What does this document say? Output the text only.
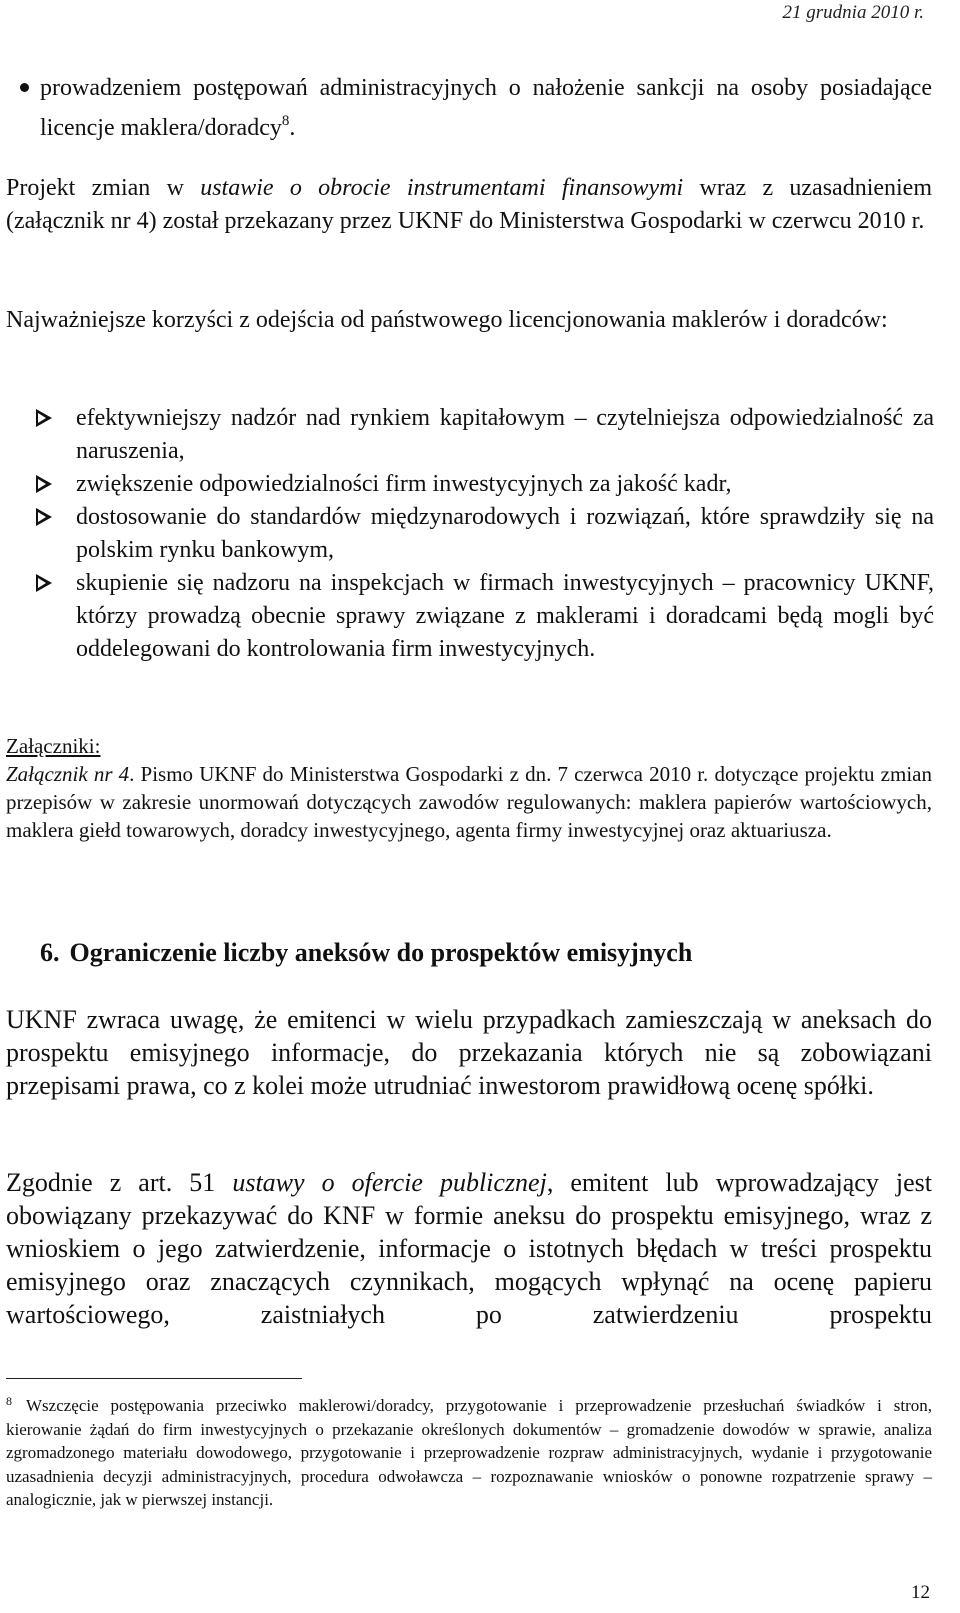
21 grudnia 2010 r.
prowadzeniem postępowań administracyjnych o nałożenie sankcji na osoby posiadające licencje maklera/doradcy$^8$.
Projekt zmian w ustawie o obrocie instrumentami finansowymi wraz z uzasadnieniem (załącznik nr 4) został przekazany przez UKNF do Ministerstwa Gospodarki w czerwcu 2010 r.
Najważniejsze korzyści z odejścia od państwowego licencjonowania maklerów i doradców:
efektywniejszy nadzór nad rynkiem kapitałowym – czytelniejsza odpowiedzialność za naruszenia,
zwiększenie odpowiedzialności firm inwestycyjnych za jakość kadr,
dostosowanie do standardów międzynarodowych i rozwiązań, które sprawdziły się na polskim rynku bankowym,
skupienie się nadzoru na inspekcjach w firmach inwestycyjnych – pracownicy UKNF, którzy prowadzą obecnie sprawy związane z maklerami i doradcami będą mogli być oddelegowani do kontrolowania firm inwestycyjnych.
Załączniki:
Załącznik nr 4. Pismo UKNF do Ministerstwa Gospodarki z dn. 7 czerwca 2010 r. dotyczące projektu zmian przepisów w zakresie unormowań dotyczących zawodów regulowanych: maklera papierów wartościowych, maklera giełd towarowych, doradcy inwestycyjnego, agenta firmy inwestycyjnej oraz aktuariusza.
6. Ograniczenie liczby aneksów do prospektów emisyjnych
UKNF zwraca uwagę, że emitenci w wielu przypadkach zamieszczają w aneksach do prospektu emisyjnego informacje, do przekazania których nie są zobowiązani przepisami prawa, co z kolei może utrudniać inwestorom prawidłową ocenę spółki.
Zgodnie z art. 51 ustawy o ofercie publicznej, emitent lub wprowadzający jest obowiązany przekazywać do KNF w formie aneksu do prospektu emisyjnego, wraz z wnioskiem o jego zatwierdzenie, informacje o istotnych błędach w treści prospektu emisyjnego oraz znaczących czynnikach, mogących wpłynąć na ocenę papieru wartościowego, zaistniałych po zatwierdzeniu prospektu
$^8$ Wszczęcie postępowania przeciwko maklerowi/doradcy, przygotowanie i przeprowadzenie przesłuchań świadków i stron, kierowanie żądań do firm inwestycyjnych o przekazanie określonych dokumentów – gromadzenie dowodów w sprawie, analiza zgromadzonego materiału dowodowego, przygotowanie i przeprowadzenie rozpraw administracyjnych, wydanie i przygotowanie uzasadnienia decyzji administracyjnych, procedura odwoławcza – rozpoznawanie wniosków o ponowne rozpatrzenie sprawy – analogicznie, jak w pierwszej instancji.
12
